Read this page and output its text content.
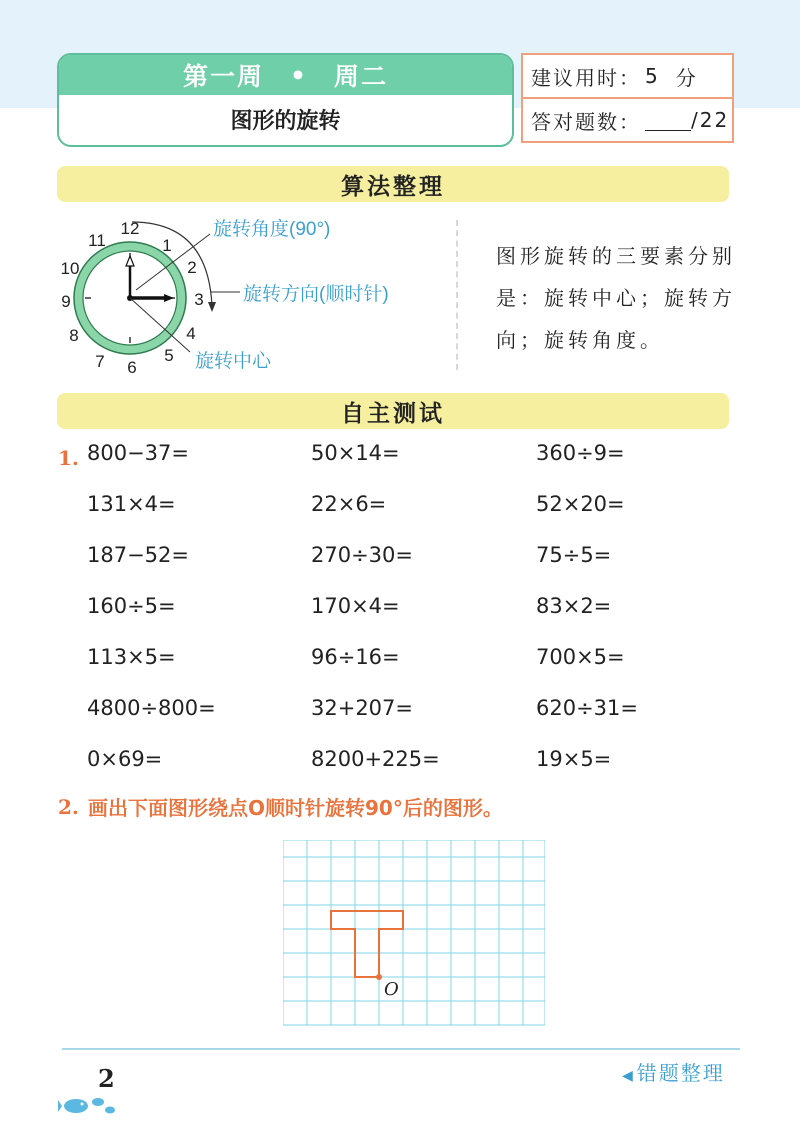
第一周 • 周二
图形的旋转
建议用时： 5 分
答对题数：	/22
算法整理
12
1
2
3
4
5
6
7
8
9
10
11
旋转角度(90°)
旋转方向(顺时针)
旋转中心
图形旋转的三要素分别是：旋转中心；旋转方向；旋转角度。
自主测试
1. 800−37=	50×14=	360÷9=
131×4=	22×6=	52×20=
187−52=	270÷30=	75÷5=
160÷5=	170×4=	83×2=
113×5=	96÷16=	700×5=
4800÷800=	32+207=	620÷31=
0×69=	8200+225=	19×5=
2. 画出下面图形绕点O顺时针旋转90°后的图形。
O
2	◀ 错题整理
